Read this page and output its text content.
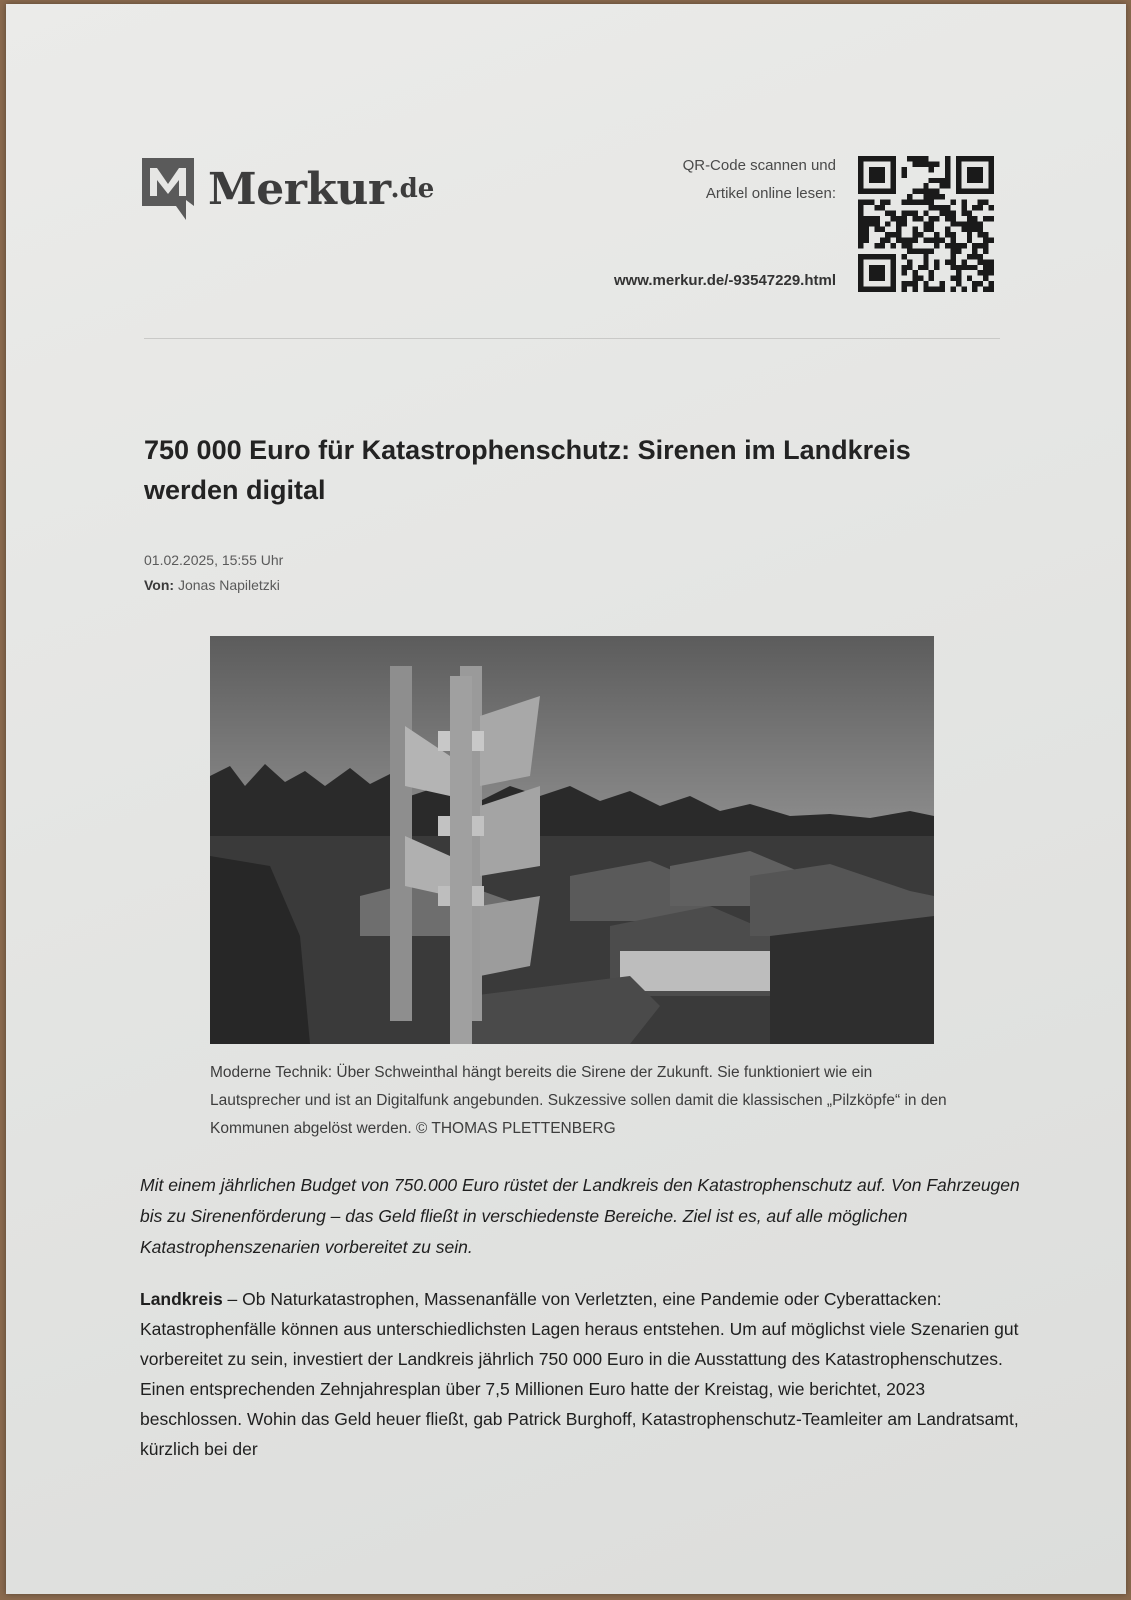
Merkur .de
QR-Code scannen und
Artikel online lesen:
www.merkur.de/-93547229.html
750 000 Euro für Katastrophenschutz: Sirenen im Landkreis werden digital
01.02.2025, 15:55 Uhr
Von: Jonas Napiletzki
Moderne Technik: Über Schweinthal hängt bereits die Sirene der Zukunft. Sie funktioniert wie ein Lautsprecher und ist an Digitalfunk angebunden. Sukzessive sollen damit die klassischen „Pilzköpfe“ in den Kommunen abgelöst werden. © THOMAS PLETTENBERG
Mit einem jährlichen Budget von 750.000 Euro rüstet der Landkreis den Katastrophenschutz auf. Von Fahrzeugen bis zu Sirenenförderung – das Geld fließt in verschiedenste Bereiche. Ziel ist es, auf alle möglichen Katastrophenszenarien vorbereitet zu sein.
Landkreis – Ob Naturkatastrophen, Massenanfälle von Verletzten, eine Pandemie oder Cyberattacken: Katastrophenfälle können aus unterschiedlichsten Lagen heraus entstehen. Um auf möglichst viele Szenarien gut vorbereitet zu sein, investiert der Landkreis jährlich 750 000 Euro in die Ausstattung des Katastrophenschutzes. Einen entsprechenden Zehnjahresplan über 7,5 Millionen Euro hatte der Kreistag, wie berichtet, 2023 beschlossen. Wohin das Geld heuer fließt, gab Patrick Burghoff, Katastrophenschutz-Teamleiter am Landratsamt, kürzlich bei der
